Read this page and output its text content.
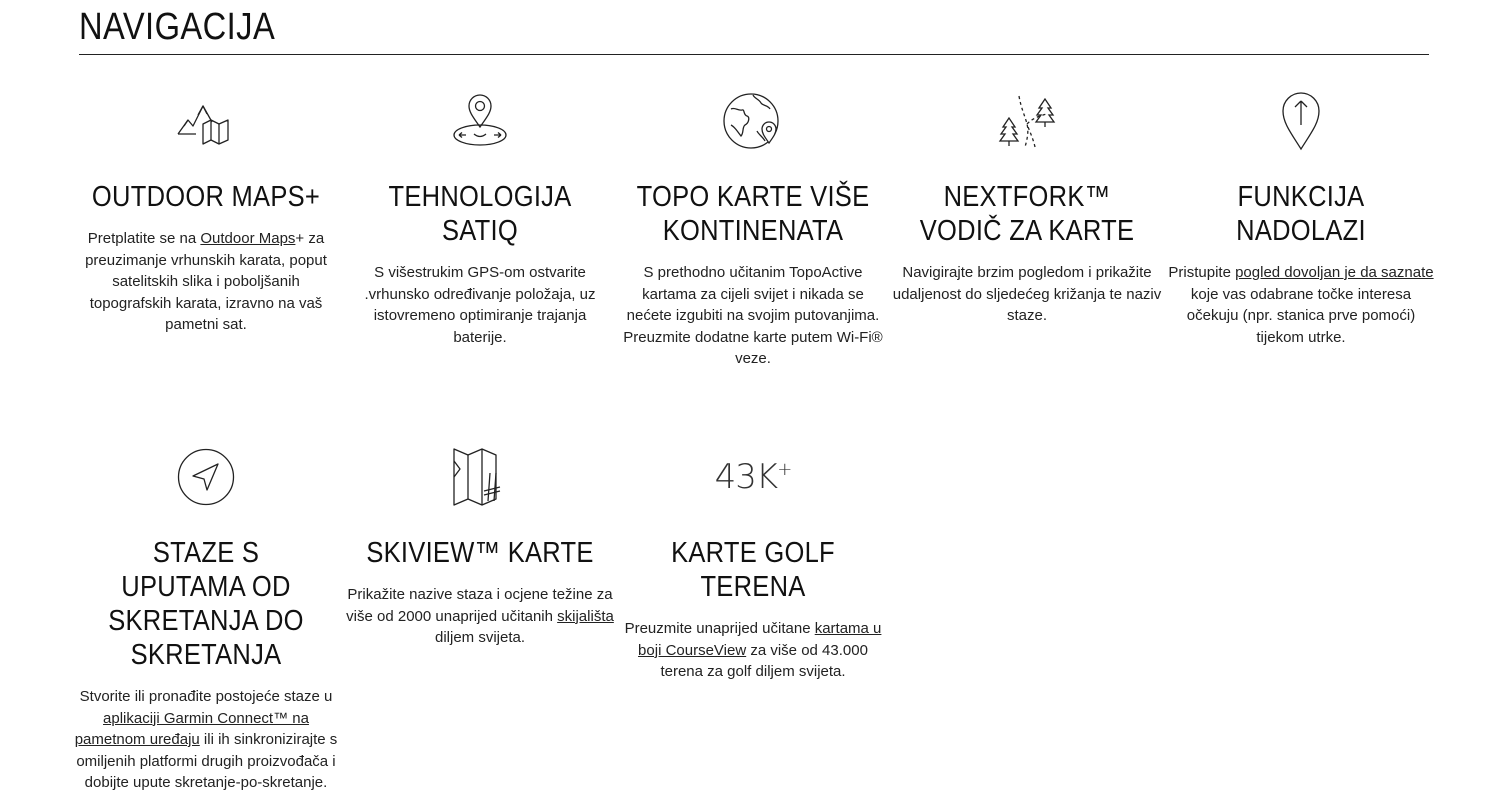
NAVIGACIJA
OUTDOOR MAPS+

Pretplatite se na Outdoor Maps+ za preuzimanje vrhunskih karata, poput satelitskih slika i poboljšanih topografskih karata, izravno na vaš pametni sat.

TEHNOLOGIJA SATIQ

S višestrukim GPS-om ostvarite .vrhunsko određivanje položaja, uz istovremeno optimiranje trajanja baterije.

TOPO KARTE VIŠE KONTINENATA

S prethodno učitanim TopoActive kartama za cijeli svijet i nikada se nećete izgubiti na svojim putovanjima. Preuzmite dodatne karte putem Wi-Fi® veze.

NEXTFORK™ VODIČ ZA KARTE

Navigirajte brzim pogledom i prikažite udaljenost do sljedećeg križanja te naziv staze.

FUNKCIJA NADOLAZI

Pristupite pogled dovoljan je da saznate koje vas odabrane točke interesa očekuju (npr. stanica prve pomoći) tijekom utrke.

STAZE S UPUTAMA OD SKRETANJA DO SKRETANJA

Stvorite ili pronađite postojeće staze u aplikaciji Garmin Connect™ na pametnom uređaju ili ih sinkronizirajte s omiljenih platformi drugih proizvođača i dobijte upute skretanje-po-skretanje.

SKIVIEW™ KARTE

Prikažite nazive staza i ocjene težine za više od 2000 unaprijed učitanih skijališta diljem svijeta.

43K+
KARTE GOLF TERENA

Preuzmite unaprijed učitane kartama u boji CourseView za više od 43.000 terena za golf diljem svijeta.
